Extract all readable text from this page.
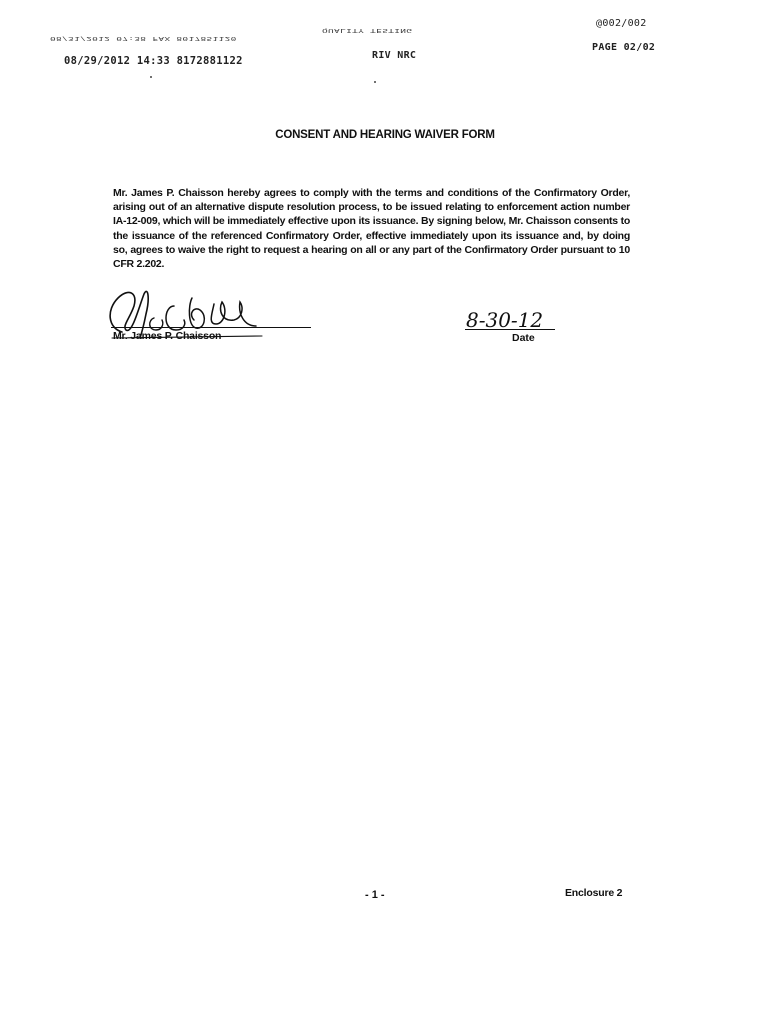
08/31/2012 07:38 FAX 8017851120
QUALITY TESTING
@002/002
08/29/2012 14:33 8172881122	RIV NRC
PAGE 02/02
CONSENT AND HEARING WAIVER FORM
Mr. James P. Chaisson hereby agrees to comply with the terms and conditions of the Confirmatory Order, arising out of an alternative dispute resolution process, to be issued relating to enforcement action number IA-12-009, which will be immediately effective upon its issuance. By signing below, Mr. Chaisson consents to the issuance of the referenced Confirmatory Order, effective immediately upon its issuance and, by doing so, agrees to waive the right to request a hearing on all or any part of the Confirmatory Order pursuant to 10 CFR 2.202.
Mr. James P. Chaisson
8-30-12
Date
- 1 -	Enclosure 2
